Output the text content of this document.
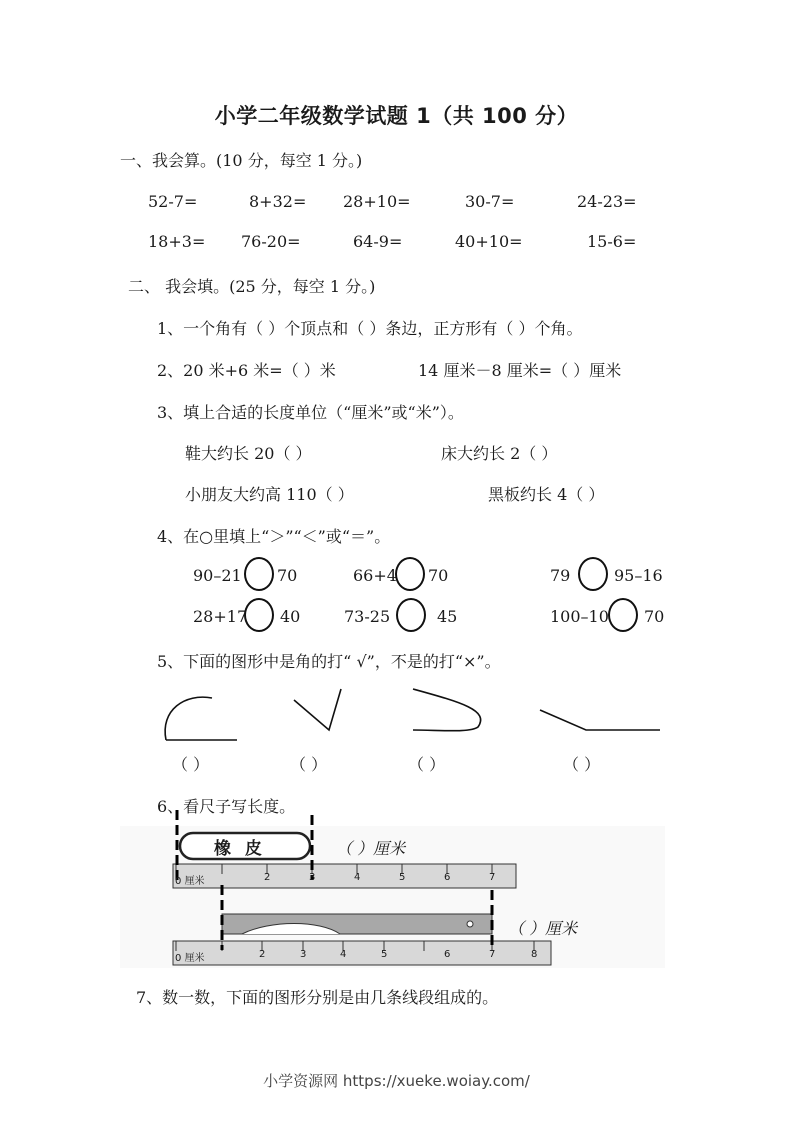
小学二年级数学试题 1（共 100 分）
一、我会算。(10 分，每空 1 分。)
52-7=	8+32= 28+10=	30-7=	24-23=
18+3= 76-20=	64-9=	40+10=	15-6=
二、 我会填。(25 分，每空 1 分。)
1、一个角有（ ）个顶点和（ ）条边，正方形有（ ）个角。
2、20 米+6 米=（ ）米	14 厘米－8 厘米=（ ）厘米
3、填上合适的长度单位（“厘米”或“米”）。
鞋大约长 20（ ）	床大约长 2（ ）
小朋友大约高 110（ ）	黑板约长 4（ ）
4、在○里填上“＞”“＜”或“＝”。
90–21 70	66+4 70	79	95–16
28+17 40	73-25	45	100–10 70
5、下面的图形中是角的打“ √”，不是的打“×”。
（ ）	（ ）	（ ）	（ ）
6、看尺子写长度。
橡 皮	（ ）厘米
（ ）厘米
0 厘米	2	3	4	5	6	7
0 厘米	2	3	4	5	6	7	8
7、数一数，下面的图形分别是由几条线段组成的。
小学资源网 https://xueke.woiay.com/
